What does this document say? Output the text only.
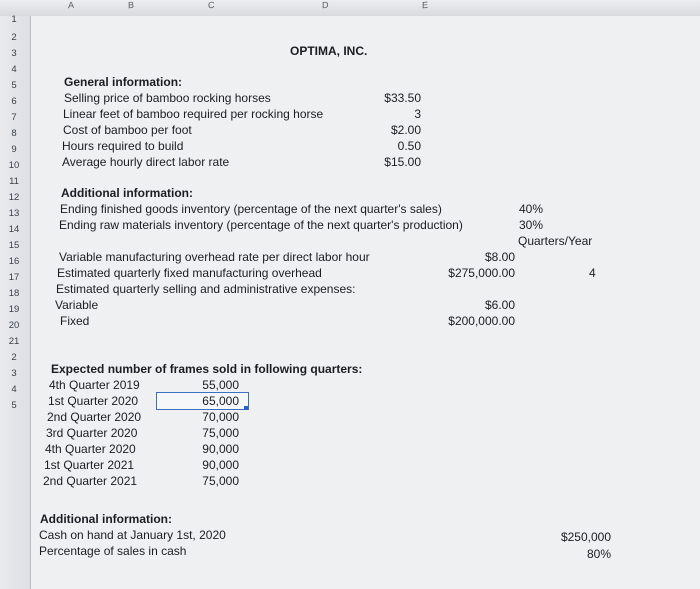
A	B	C	D	E
1
2
3
4
5
6
7
8
9
10
11
12
13
14
15
16
17
18
19
20
21
2
3
4
5
OPTIMA, INC.
General information:
Selling price of bamboo rocking horses	$33.50
Linear feet of bamboo required per rocking horse	3
Cost of bamboo per foot	$2.00
Hours required to build	0.50
Average hourly direct labor rate	$15.00
Additional information:
Ending finished goods inventory (percentage of the next quarter's sales)	40%
Ending raw materials inventory (percentage of the next quarter's production)	30%
Quarters/Year
Variable manufacturing overhead rate per direct labor hour	$8.00
Estimated quarterly fixed manufacturing overhead	$275,000.00	4
Estimated quarterly selling and administrative expenses:
Variable	$6.00
Fixed	$200,000.00
Expected number of frames sold in following quarters:
4th Quarter 2019	55,000
1st Quarter 2020	65,000
2nd Quarter 2020	70,000
3rd Quarter 2020	75,000
4th Quarter 2020	90,000
1st Quarter 2021	90,000
2nd Quarter 2021	75,000
Additional information:
Cash on hand at January 1st, 2020	$250,000
Percentage of sales in cash	80%
